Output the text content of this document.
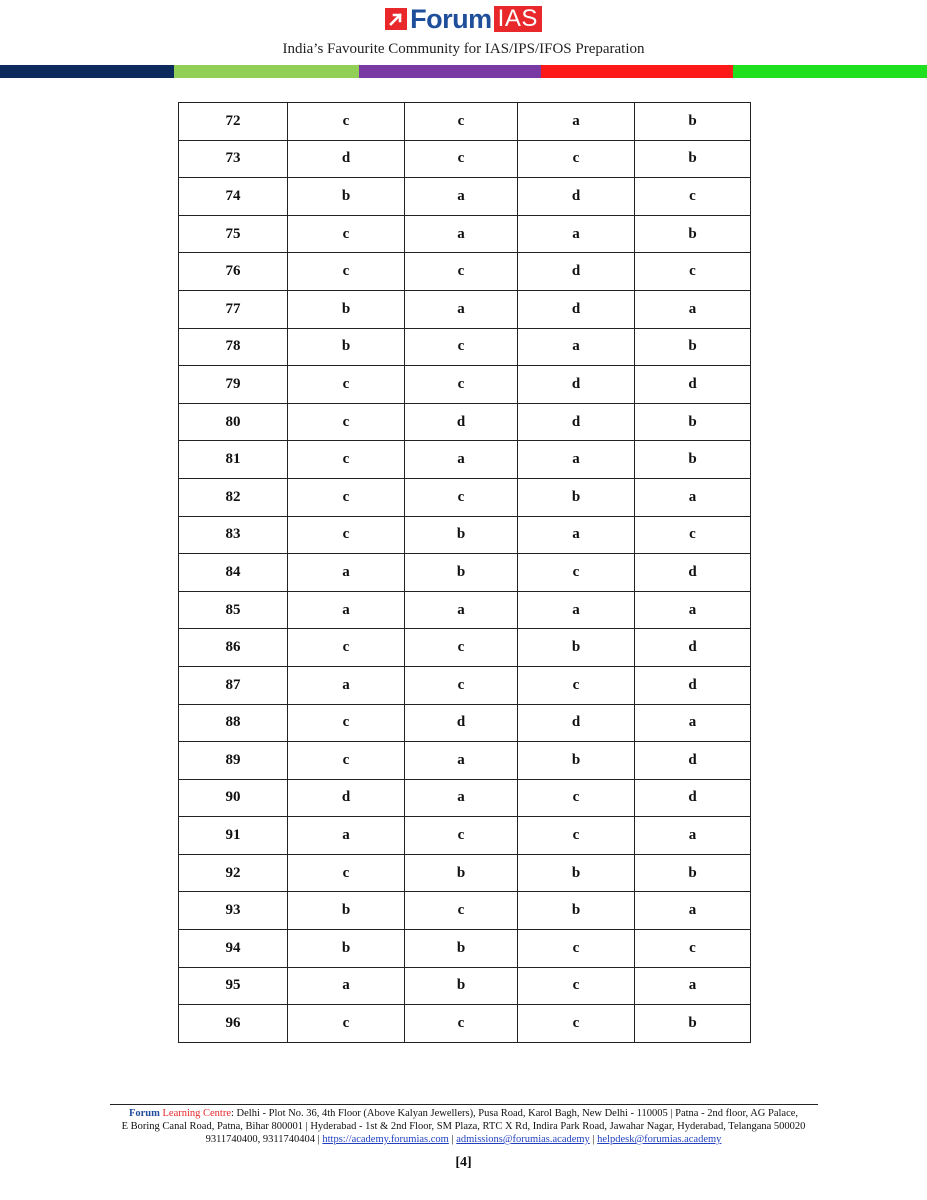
Forum IAS
India’s Favourite Community for IAS/IPS/IFOS Preparation
72	c	c	a	b
73	d	c	c	b
74	b	a	d	c
75	c	a	a	b
76	c	c	d	c
77	b	a	d	a
78	b	c	a	b
79	c	c	d	d
80	c	d	d	b
81	c	a	a	b
82	c	c	b	a
83	c	b	a	c
84	a	b	c	d
85	a	a	a	a
86	c	c	b	d
87	a	c	c	d
88	c	d	d	a
89	c	a	b	d
90	d	a	c	d
91	a	c	c	a
92	c	b	b	b
93	b	c	b	a
94	b	b	c	c
95	a	b	c	a
96	c	c	c	b
Forum Learning Centre: Delhi - Plot No. 36, 4th Floor (Above Kalyan Jewellers), Pusa Road, Karol Bagh, New Delhi - 110005 | Patna - 2nd floor, AG Palace,
E Boring Canal Road, Patna, Bihar 800001 | Hyderabad - 1st & 2nd Floor, SM Plaza, RTC X Rd, Indira Park Road, Jawahar Nagar, Hyderabad, Telangana 500020
9311740400, 9311740404 | https://academy.forumias.com | admissions@forumias.academy | helpdesk@forumias.academy
[4]
